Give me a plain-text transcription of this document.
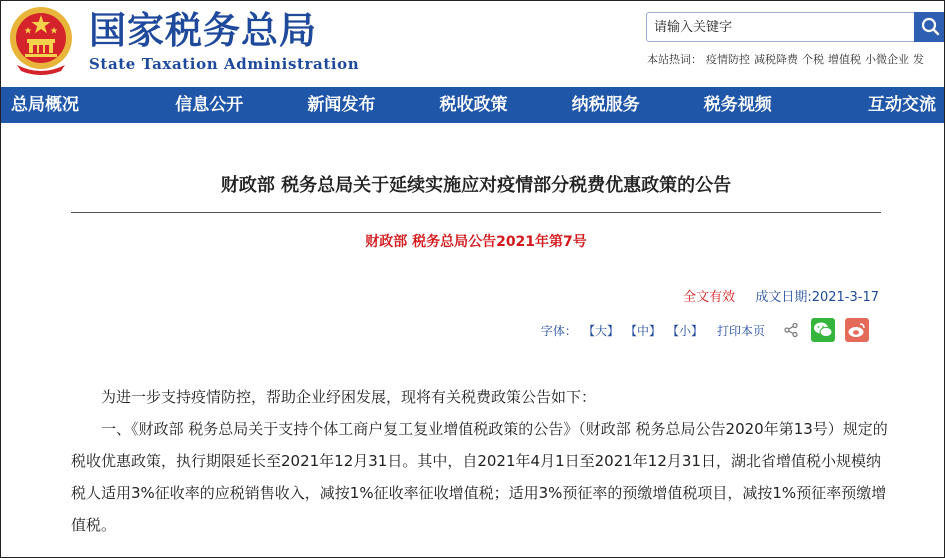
国家税务总局
State Taxation Administration
请输入关键字	本站热词： 疫情防控 减税降费 个税 增值税 小微企业 发
总局概况	信息公开	新闻发布	税收政策	纳税服务	税务视频	互动交流
财政部 税务总局关于延续实施应对疫情部分税费优惠政策的公告
财政部 税务总局公告2021年第7号
全文有效 成文日期:2021-3-17
字体： 【大】 【中】 【小】 打印本页

为进一步支持疫情防控，帮助企业纾困发展，现将有关税费政策公告如下：

一、《财政部 税务总局关于支持个体工商户复工复业增值税政策的公告》（财政部 税务总局公告2020年第13号）规定的税收优惠政策，执行期限延长至2021年12月31日。其中，自2021年4月1日至2021年12月31日，湖北省增值税小规模纳税人适用3%征收率的应税销售收入，减按1%征收率征收增值税；适用3%预征率的预缴增值税项目，减按1%预征率预缴增值税。
